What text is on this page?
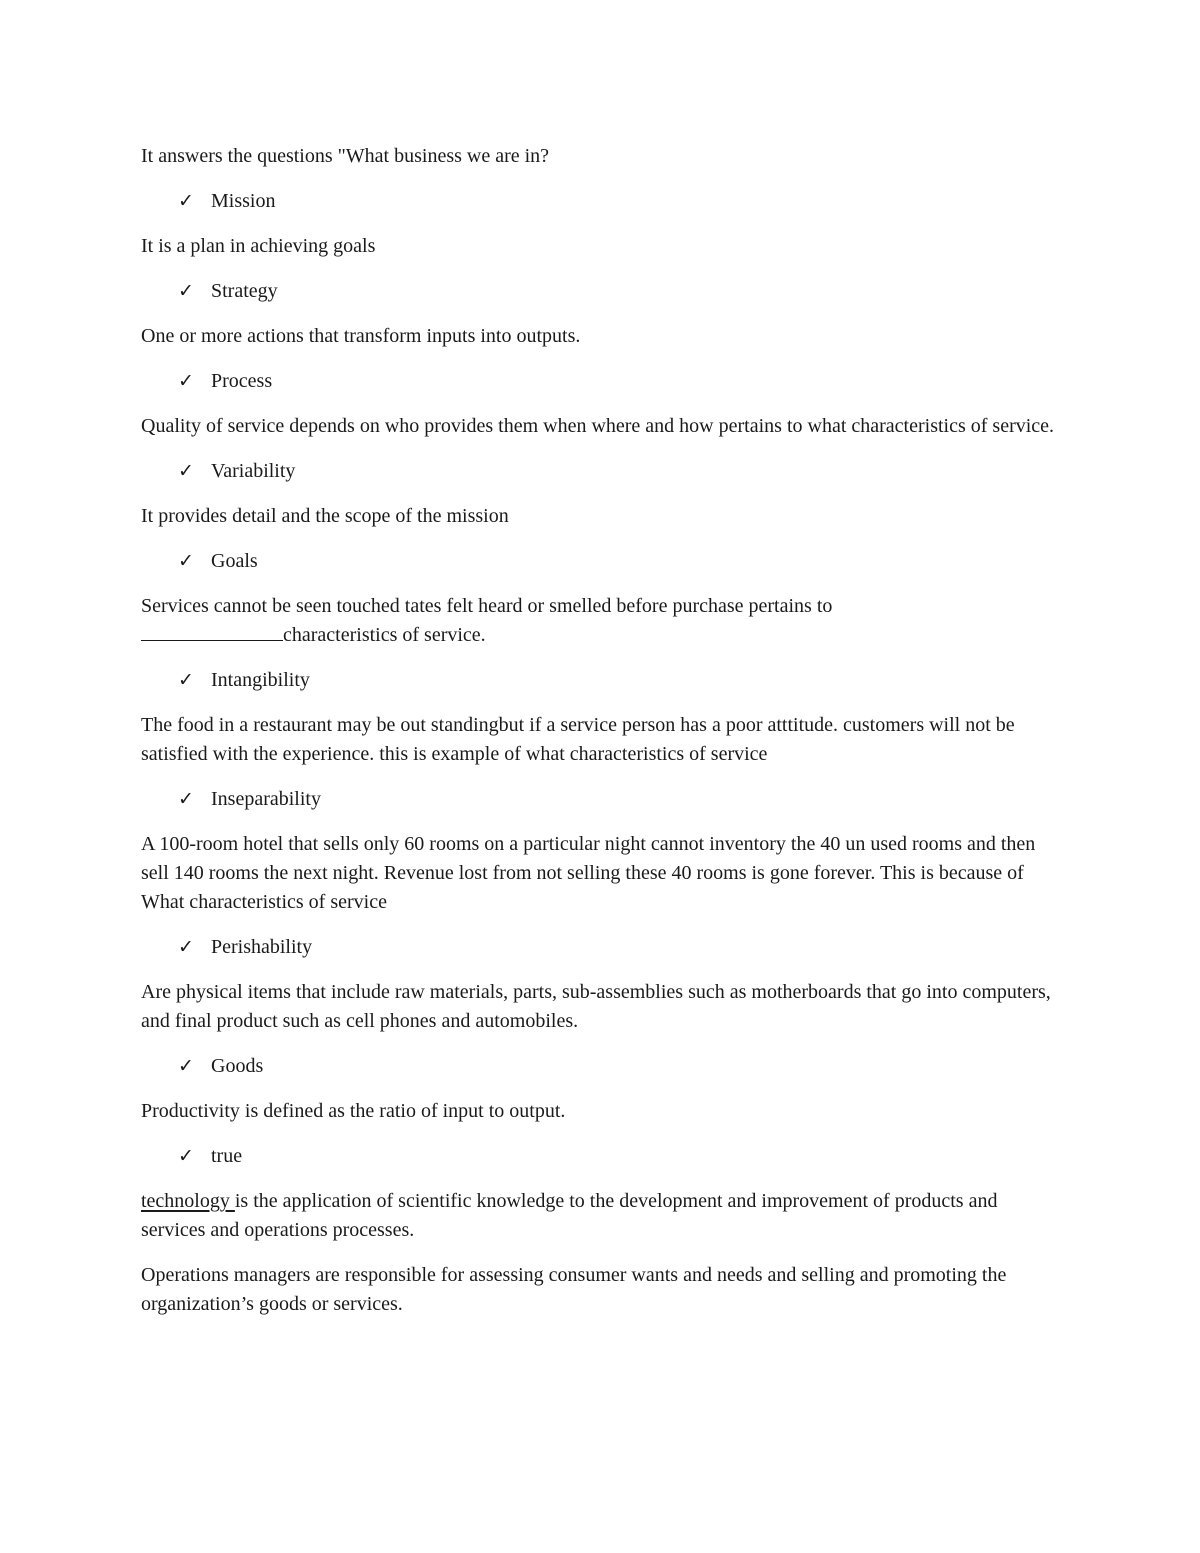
It answers the questions "What business we are in?

✓ Mission

It is a plan in achieving goals

✓ Strategy

One or more actions that transform inputs into outputs.

✓ Process

Quality of service depends on who provides them when where and how pertains to what characteristics of service.

✓ Variability

It provides detail and the scope of the mission

✓ Goals

Services cannot be seen touched tates felt heard or smelled before purchase pertains to
characteristics of service.

✓ Intangibility

The food in a restaurant may be out standingbut if a service person has a poor atttitude. customers will not be satisfied with the experience. this is example of what characteristics of service

✓ Inseparability

A 100-room hotel that sells only 60 rooms on a particular night cannot inventory the 40 un used rooms and then sell 140 rooms the next night. Revenue lost from not selling these 40 rooms is gone forever. This is because of What characteristics of service

✓ Perishability

Are physical items that include raw materials, parts, sub-assemblies such as motherboards that go into computers, and final product such as cell phones and automobiles.

✓ Goods

Productivity is defined as the ratio of input to output.

✓ true

technology is the application of scientific knowledge to the development and improvement of products and services and operations processes.

Operations managers are responsible for assessing consumer wants and needs and selling and promoting the organization’s goods or services.
